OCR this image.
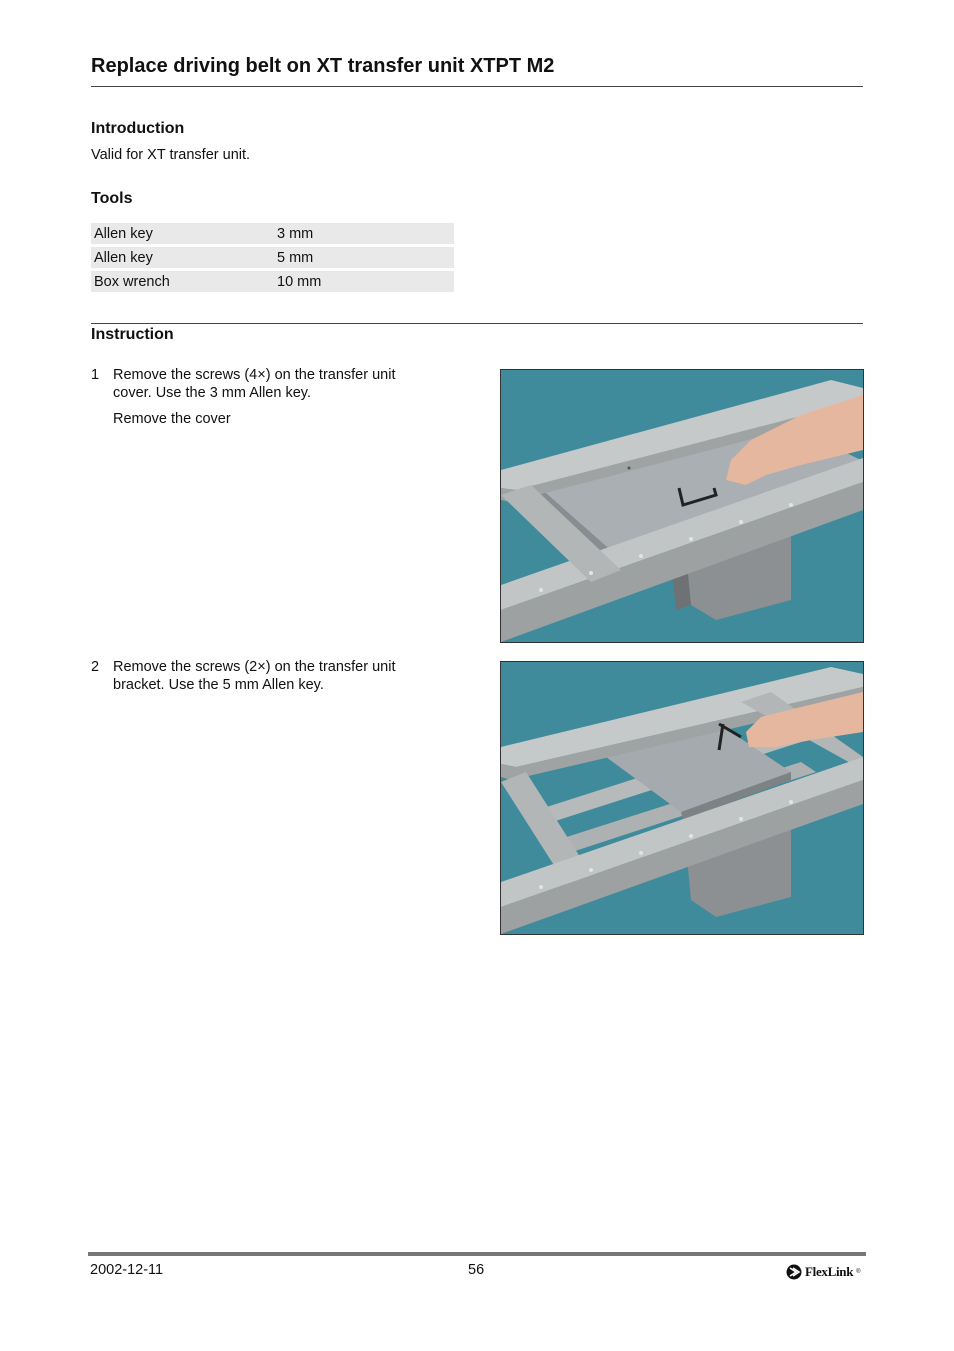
Replace driving belt on XT transfer unit XTPT M2
Introduction
Valid for XT transfer unit.
Tools
Allen key	3 mm
Allen key	5 mm
Box wrench	10 mm
Instruction
1 Remove the screws (4×) on the transfer unit
cover. Use the 3 mm Allen key.
Remove the cover
2 Remove the screws (2×) on the transfer unit
bracket. Use the 5 mm Allen key.
2002-12-11	56	FlexLink ®
